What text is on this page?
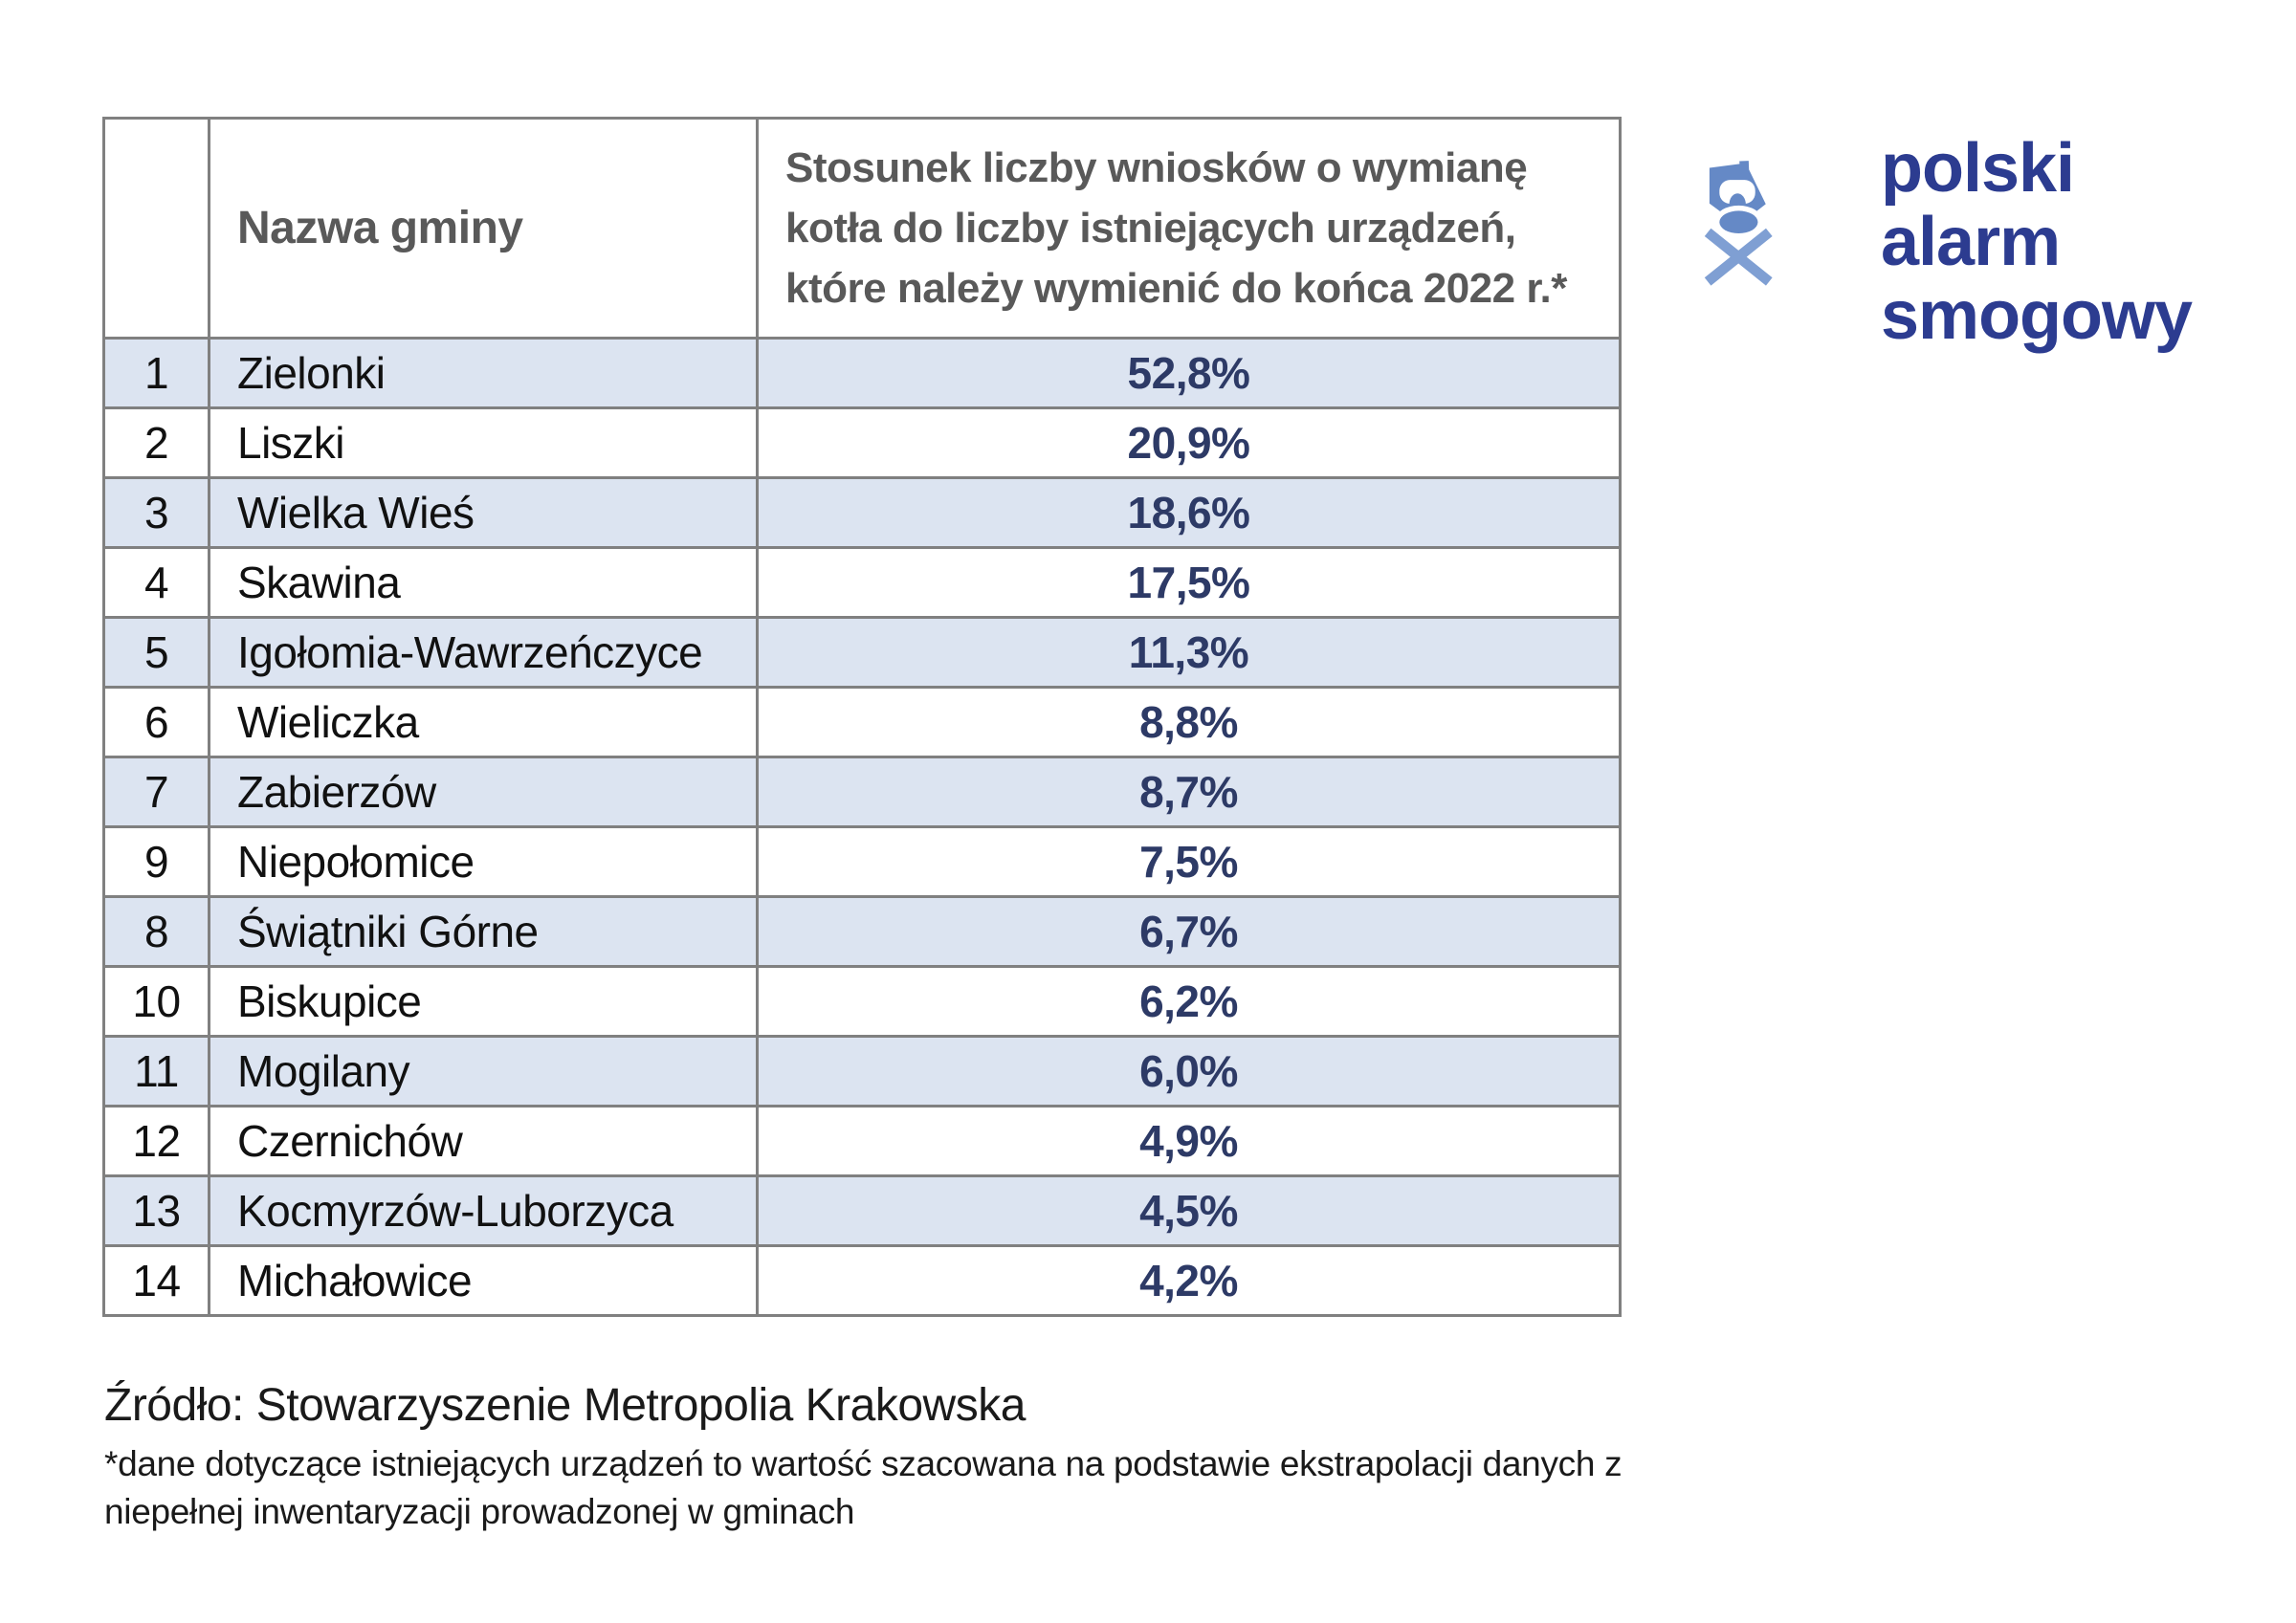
	Nazwa gminy	Stosunek liczby wniosków o wymianę
kotła do liczby istniejących urządzeń,
które należy wymienić do końca 2022 r.*

1	Zielonki	52,8%
2	Liszki	20,9%
3	Wielka Wieś	18,6%
4	Skawina	17,5%
5	Igołomia-Wawrzeńczyce	11,3%
6	Wieliczka	8,8%
7	Zabierzów	8,7%
9	Niepołomice	7,5%
8	Świątniki Górne	6,7%
10	Biskupice	6,2%
11	Mogilany	6,0%
12	Czernichów	4,9%
13	Kocmyrzów-Luborzyca	4,5%
14	Michałowice	4,2%
polski
alarm
smogowy
Źródło: Stowarzyszenie Metropolia Krakowska
*dane dotyczące istniejących urządzeń to wartość szacowana na podstawie ekstrapolacji danych z
niepełnej inwentaryzacji prowadzonej w gminach
